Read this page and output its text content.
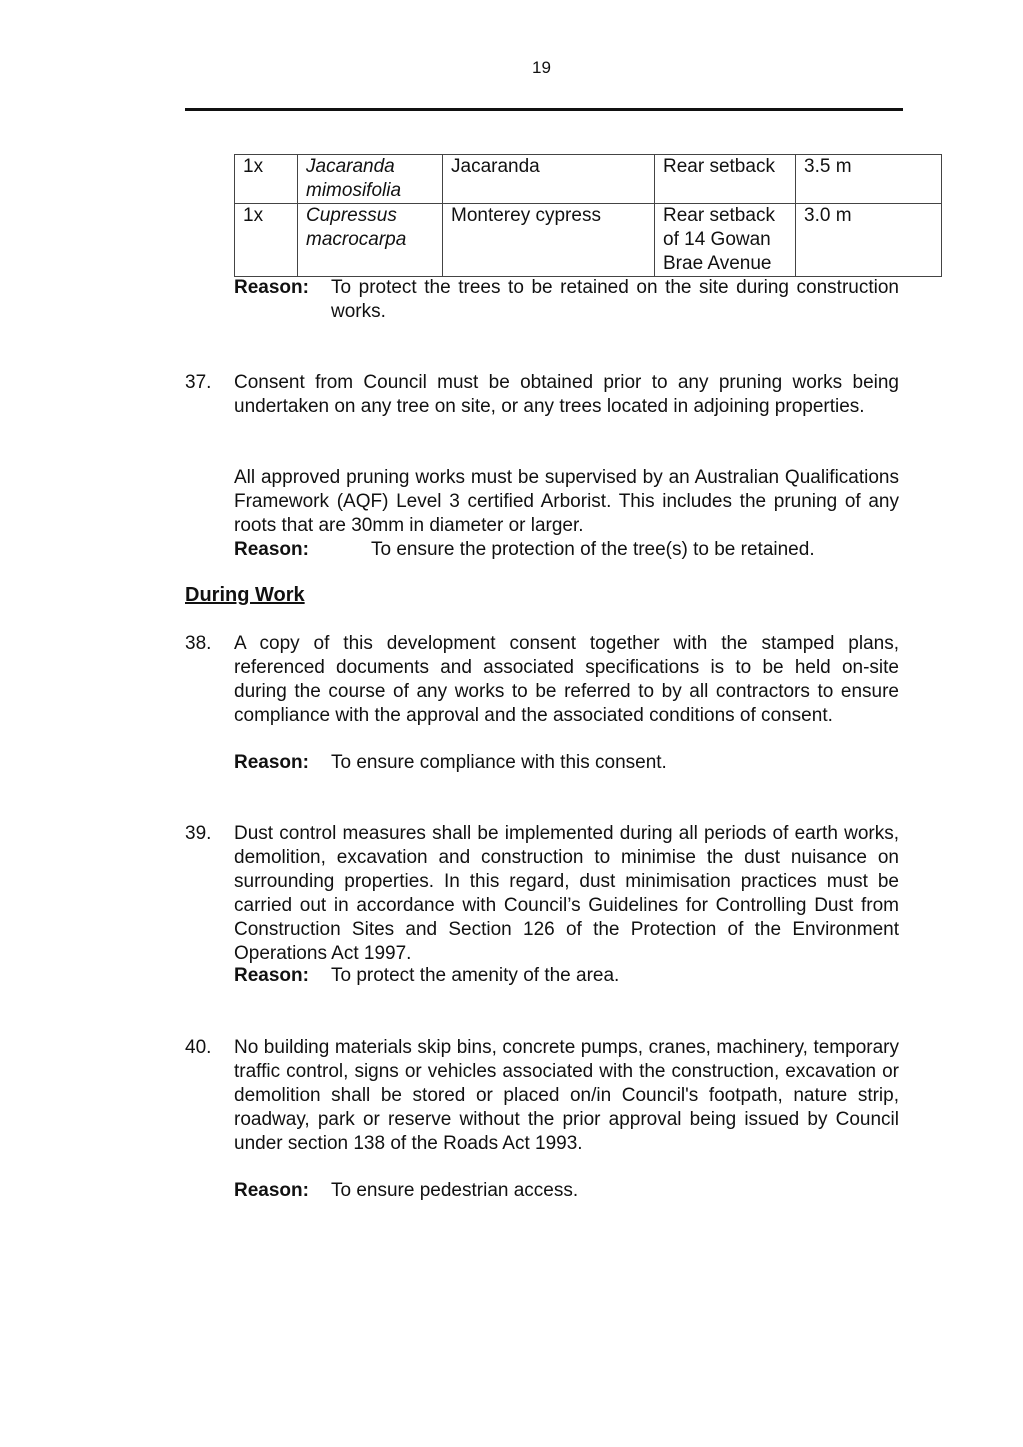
19
1x	Jacaranda mimosifolia	Jacaranda	Rear setback	3.5 m
1x	Cupressus macrocarpa	Monterey cypress	Rear setback of 14 Gowan Brae Avenue	3.0 m
Reason:	To protect the trees to be retained on the site during construction works.
37. Consent from Council must be obtained prior to any pruning works being undertaken on any tree on site, or any trees located in adjoining properties.
All approved pruning works must be supervised by an Australian Qualifications Framework (AQF) Level 3 certified Arborist. This includes the pruning of any roots that are 30mm in diameter or larger.
Reason:	To ensure the protection of the tree(s) to be retained.
During Work
38. A copy of this development consent together with the stamped plans, referenced documents and associated specifications is to be held on-site during the course of any works to be referred to by all contractors to ensure compliance with the approval and the associated conditions of consent.
Reason:	To ensure compliance with this consent.
39. Dust control measures shall be implemented during all periods of earth works, demolition, excavation and construction to minimise the dust nuisance on surrounding properties. In this regard, dust minimisation practices must be carried out in accordance with Council’s Guidelines for Controlling Dust from Construction Sites and Section 126 of the Protection of the Environment Operations Act 1997.
Reason:	To protect the amenity of the area.
40. No building materials skip bins, concrete pumps, cranes, machinery, temporary traffic control, signs or vehicles associated with the construction, excavation or demolition shall be stored or placed on/in Council's footpath, nature strip, roadway, park or reserve without the prior approval being issued by Council under section 138 of the Roads Act 1993.
Reason:	To ensure pedestrian access.
